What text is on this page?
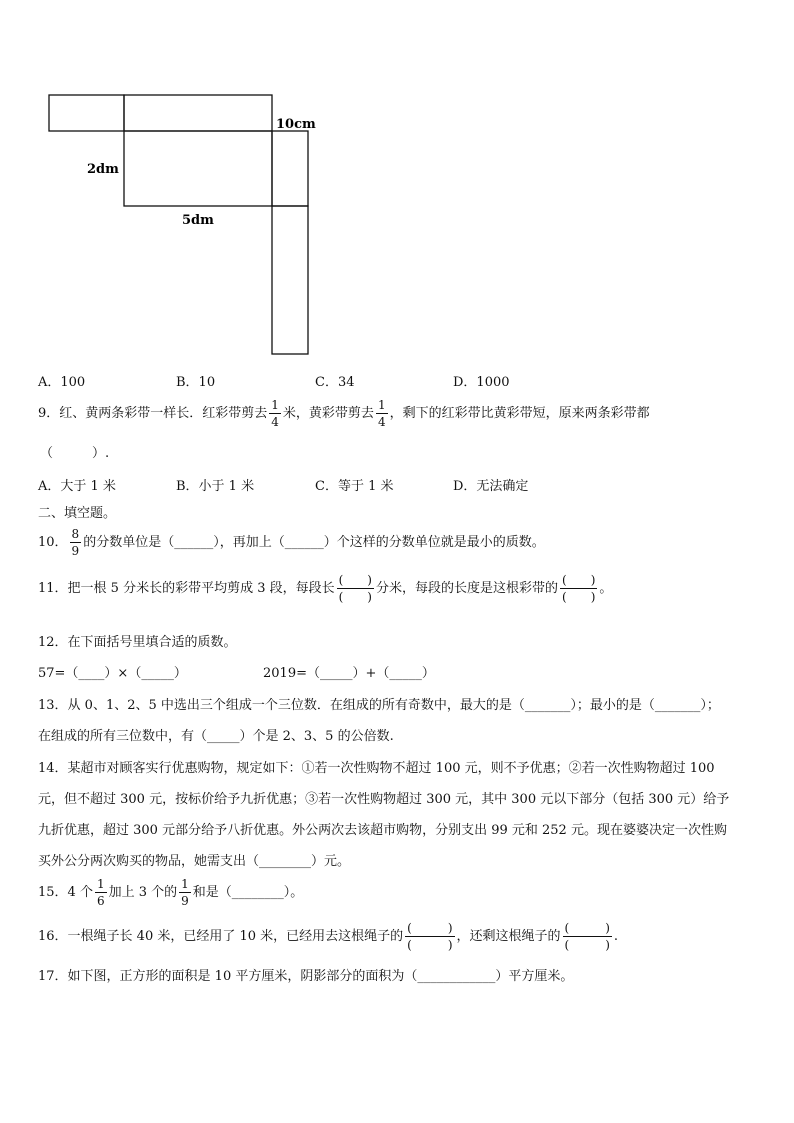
10cm
2dm
5dm
A．100	B．10	C．34	D．1000
9．红、黄两条彩带一样长．红彩带剪去 $\frac{1}{4}$ 米，黄彩带剪去 $\frac{1}{4}$ ，剩下的红彩带比黄彩带短，原来两条彩带都
（　　　）.
A．大于 1 米	B．小于 1 米	C．等于 1 米	D．无法确定
二、填空题。
10． $\frac{8}{9}$ 的分数单位是（______），再加上（______）个这样的分数单位就是最小的质数。
11．把一根 5 分米长的彩带平均剪成 3 段，每段长 $\frac{( )}{( )}$ 分米，每段的长度是这根彩带的 $\frac{( )}{( )}$ 。
12．在下面括号里填合适的质数。
57=（____）×（_____）	2019=（_____）+（_____）
13．从 0、1、2、5 中选出三个组成一个三位数．在组成的所有奇数中，最大的是（_______）；最小的是（_______）；
在组成的所有三位数中，有（_____）个是 2、3、5 的公倍数.
14．某超市对顾客实行优惠购物，规定如下：①若一次性购物不超过 100 元，则不予优惠；②若一次性购物超过 100
元，但不超过 300 元，按标价给予九折优惠；③若一次性购物超过 300 元，其中 300 元以下部分（包括 300 元）给予
九折优惠，超过 300 元部分给予八折优惠。外公两次去该超市购物，分别支出 99 元和 252 元。现在婆婆决定一次性购
买外公分两次购买的物品，她需支出（________）元。
15．4 个 $\frac{1}{6}$ 加上 3 个的 $\frac{1}{9}$ 和是（________）。
16．一根绳子长 40 米，已经用了 10 米，已经用去这根绳子的 $\frac{( )}{( )}$ ，还剩这根绳子的 $\frac{( )}{( )}$ .
17．如下图，正方形的面积是 10 平方厘米，阴影部分的面积为（____________）平方厘米。
